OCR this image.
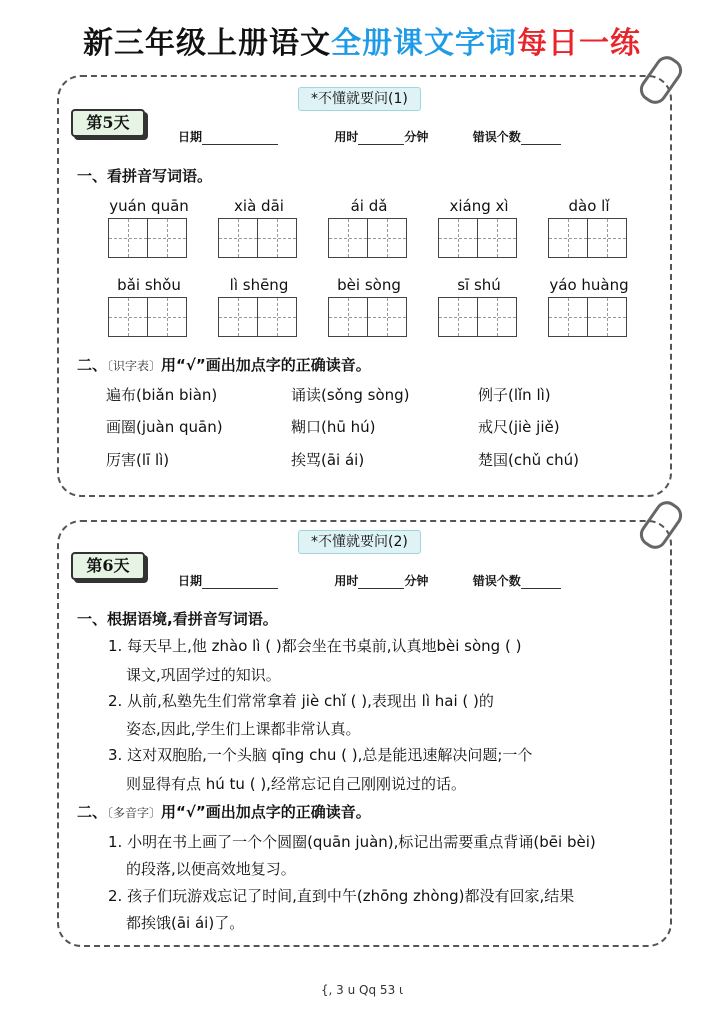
新三年级上册语文全册课文字词每日一练
*不懂就要问(1)
第5天
日期	用时	分钟	错误个数
一、看拼音写词语。
yuán quān	xià dāi	ái dǎ	xiáng xì	dào lǐ
bǎi shǒu	lì shēng	bèi sòng	sī shú	yáo huàng
二、〔识字表〕用“√”画出加点字的正确读音。
遍布(biǎn biàn)	诵读(sǒng sòng)	例子(lǐn lì)
画圈(juàn quān)	糊口(hū hú)	戒尺(jiè jiě)
厉害(lī lì)	挨骂(āi ái)	楚国(chǔ chú)
*不懂就要问(2)
第6天
日期	用时	分钟	错误个数
一、根据语境,看拼音写词语。
1. 每天早上,他 zhào lì ( )都会坐在书桌前,认真地bèi sòng ( )
课文,巩固学过的知识。
2. 从前,私塾先生们常常拿着 jiè chǐ ( ),表现出 lì hai ( )的
姿态,因此,学生们上课都非常认真。
3. 这对双胞胎,一个头脑 qīng chu ( ),总是能迅速解决问题;一个
则显得有点 hú tu ( ),经常忘记自己刚刚说过的话。
二、〔多音字〕用“√”画出加点字的正确读音。
1. 小明在书上画了一个个圆圈(quān juàn),标记出需要重点背诵(bēi bèi)
的段落,以便高效地复习。
2. 孩子们玩游戏忘记了时间,直到中午(zhōng zhòng)都没有回家,结果
都挨饿(āi ái)了。
{, 3 u Qq 53 ι
